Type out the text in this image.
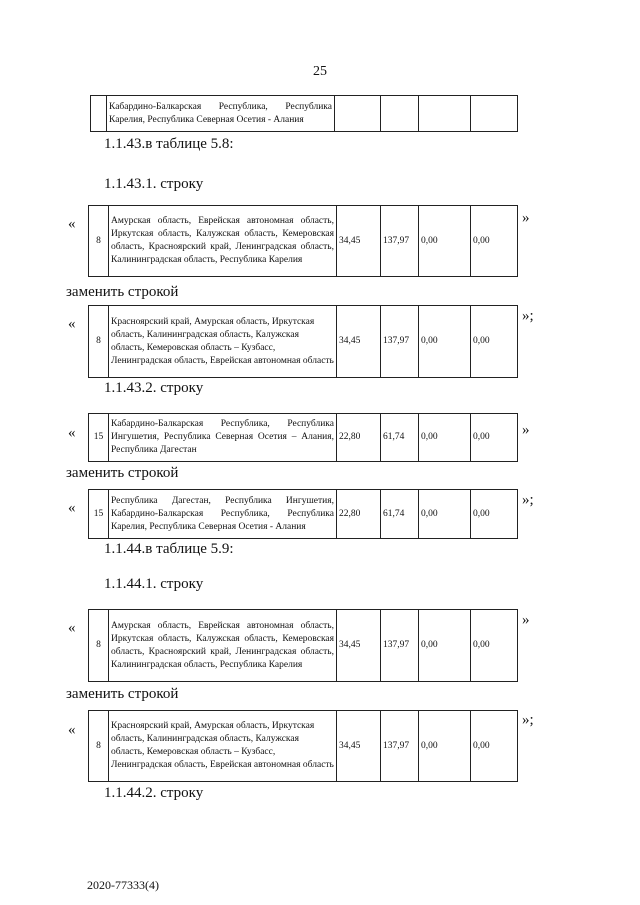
25
	Кабардино-Балкарская Республика, Республика Карелия, Республика Северная Осетия - Алания				
1.1.43.в таблице 5.8:
1.1.43.1. строку
«
8	Амурская область, Еврейская автономная область, Иркутская область, Калужская область, Кемеровская область, Красноярский край, Ленинградская область, Калининградская область, Республика Карелия	34,45	137,97	0,00	0,00
»
заменить строкой
«
8	Красноярский край, Амурская область, Иркутская область, Калининградская область, Калужская область, Кемеровская область – Кузбасс, Ленинградская область, Еврейская автономная область	34,45	137,97	0,00	0,00
»;
1.1.43.2. строку
« 15	Кабардино-Балкарская Республика, Республика Ингушетия, Республика Северная Осетия – Алания, Республика Дагестан	22,80	61,74	0,00	0,00 »
заменить строкой
« 15	Республика Дагестан, Республика Ингушетия, Кабардино-Балкарская Республика, Республика Карелия, Республика Северная Осетия - Алания	22,80	61,74	0,00	0,00
»;
1.1.44.в таблице 5.9:
1.1.44.1. строку
«
8	Амурская область, Еврейская автономная область, Иркутская область, Калужская область, Кемеровская область, Красноярский край, Ленинградская область, Калининградская область, Республика Карелия	34,45	137,97	0,00	0,00
»
заменить строкой
«
8	Красноярский край, Амурская область, Иркутская область, Калининградская область, Калужская область, Кемеровская область – Кузбасс, Ленинградская область, Еврейская автономная область	34,45	137,97	0,00	0,00
»;
1.1.44.2. строку
2020-77333(4)
